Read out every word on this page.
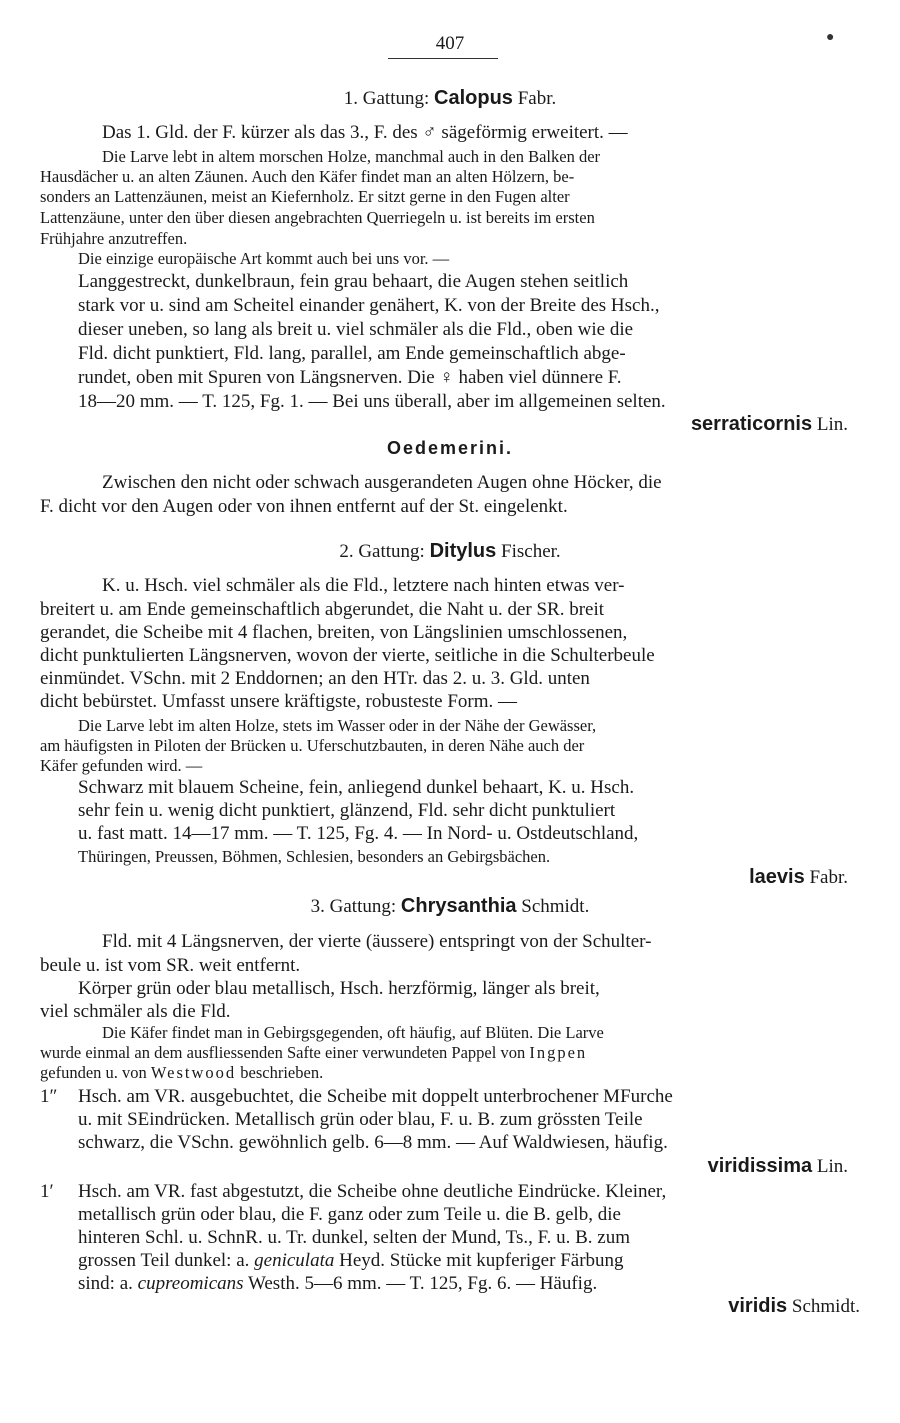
407	●
1. Gattung: Calopus Fabr.
Das 1. Gld. der F. kürzer als das 3., F. des ♂ sägeförmig erweitert. —
Die Larve lebt in altem morschen Holze, manchmal auch in den Balken der
Hausdächer u. an alten Zäunen. Auch den Käfer findet man an alten Hölzern, be-
sonders an Lattenzäunen, meist an Kiefernholz. Er sitzt gerne in den Fugen alter
Lattenzäune, unter den über diesen angebrachten Querriegeln u. ist bereits im ersten
Frühjahre anzutreffen.
Die einzige europäische Art kommt auch bei uns vor. —
Langgestreckt, dunkelbraun, fein grau behaart, die Augen stehen seitlich
stark vor u. sind am Scheitel einander genähert, K. von der Breite des Hsch.,
dieser uneben, so lang als breit u. viel schmäler als die Fld., oben wie die
Fld. dicht punktiert, Fld. lang, parallel, am Ende gemeinschaftlich abge-
rundet, oben mit Spuren von Längsnerven. Die ♀ haben viel dünnere F.
18—20 mm. — T. 125, Fg. 1. — Bei uns überall, aber im allgemeinen selten.
serraticornis Lin.
Oedemerini.
Zwischen den nicht oder schwach ausgerandeten Augen ohne Höcker, die
F. dicht vor den Augen oder von ihnen entfernt auf der St. eingelenkt.
2. Gattung: Ditylus Fischer.
K. u. Hsch. viel schmäler als die Fld., letztere nach hinten etwas ver-
breitert u. am Ende gemeinschaftlich abgerundet, die Naht u. der SR. breit
gerandet, die Scheibe mit 4 flachen, breiten, von Längslinien umschlossenen,
dicht punktulierten Längsnerven, wovon der vierte, seitliche in die Schulterbeule
einmündet. VSchn. mit 2 Enddornen; an den HTr. das 2. u. 3. Gld. unten
dicht bebürstet. Umfasst unsere kräftigste, robusteste Form. —
Die Larve lebt im alten Holze, stets im Wasser oder in der Nähe der Gewässer,
am häufigsten in Piloten der Brücken u. Uferschutzbauten, in deren Nähe auch der
Käfer gefunden wird. —
Schwarz mit blauem Scheine, fein, anliegend dunkel behaart, K. u. Hsch.
sehr fein u. wenig dicht punktiert, glänzend, Fld. sehr dicht punktuliert
u. fast matt. 14—17 mm. — T. 125, Fg. 4. — In Nord- u. Ostdeutschland,
Thüringen, Preussen, Böhmen, Schlesien, besonders an Gebirgsbächen.
laevis Fabr.
3. Gattung: Chrysanthia Schmidt.
Fld. mit 4 Längsnerven, der vierte (äussere) entspringt von der Schulter-
beule u. ist vom SR. weit entfernt.
Körper grün oder blau metallisch, Hsch. herzförmig, länger als breit,
viel schmäler als die Fld.
Die Käfer findet man in Gebirgsgegenden, oft häufig, auf Blüten. Die Larve
wurde einmal an dem ausfliessenden Safte einer verwundeten Pappel von Ingpen
gefunden u. von Westwood beschrieben.
1″ Hsch. am VR. ausgebuchtet, die Scheibe mit doppelt unterbrochener MFurche
u. mit SEindrücken. Metallisch grün oder blau, F. u. B. zum grössten Teile
schwarz, die VSchn. gewöhnlich gelb. 6—8 mm. — Auf Waldwiesen, häufig.
viridissima Lin.
1′ Hsch. am VR. fast abgestutzt, die Scheibe ohne deutliche Eindrücke. Kleiner,
metallisch grün oder blau, die F. ganz oder zum Teile u. die B. gelb, die
hinteren Schl. u. SchnR. u. Tr. dunkel, selten der Mund, Ts., F. u. B. zum
grossen Teil dunkel: a. geniculata Heyd. Stücke mit kupferiger Färbung
sind: a. cupreomicans Westh. 5—6 mm. — T. 125, Fg. 6. — Häufig.
viridis Schmidt.
